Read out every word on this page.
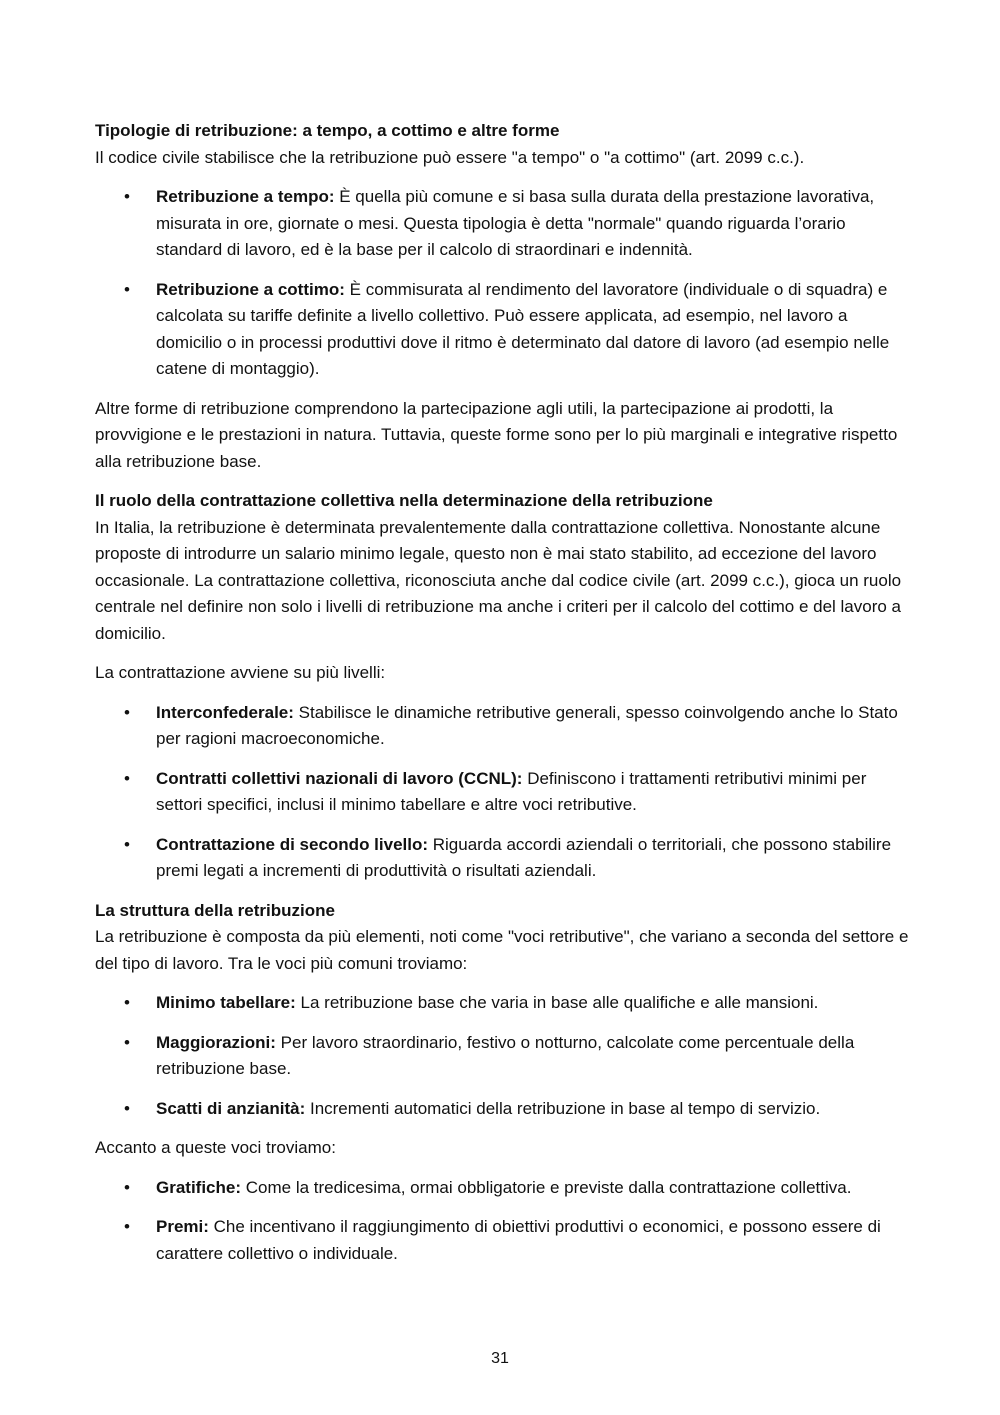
Tipologie di retribuzione: a tempo, a cottimo e altre forme

Il codice civile stabilisce che la retribuzione può essere "a tempo" o "a cottimo" (art. 2099 c.c.).

• Retribuzione a tempo: È quella più comune e si basa sulla durata della prestazione lavorativa, misurata in ore, giornate o mesi. Questa tipologia è detta "normale" quando riguarda l’orario standard di lavoro, ed è la base per il calcolo di straordinari e indennità.
• Retribuzione a cottimo: È commisurata al rendimento del lavoratore (individuale o di squadra) e calcolata su tariffe definite a livello collettivo. Può essere applicata, ad esempio, nel lavoro a domicilio o in processi produttivi dove il ritmo è determinato dal datore di lavoro (ad esempio nelle catene di montaggio).

Altre forme di retribuzione comprendono la partecipazione agli utili, la partecipazione ai prodotti, la provvigione e le prestazioni in natura. Tuttavia, queste forme sono per lo più marginali e integrative rispetto alla retribuzione base.

Il ruolo della contrattazione collettiva nella determinazione della retribuzione

In Italia, la retribuzione è determinata prevalentemente dalla contrattazione collettiva. Nonostante alcune proposte di introdurre un salario minimo legale, questo non è mai stato stabilito, ad eccezione del lavoro occasionale. La contrattazione collettiva, riconosciuta anche dal codice civile (art. 2099 c.c.), gioca un ruolo centrale nel definire non solo i livelli di retribuzione ma anche i criteri per il calcolo del cottimo e del lavoro a domicilio.

La contrattazione avviene su più livelli:

• Interconfederale: Stabilisce le dinamiche retributive generali, spesso coinvolgendo anche lo Stato per ragioni macroeconomiche.
• Contratti collettivi nazionali di lavoro (CCNL): Definiscono i trattamenti retributivi minimi per settori specifici, inclusi il minimo tabellare e altre voci retributive.
• Contrattazione di secondo livello: Riguarda accordi aziendali o territoriali, che possono stabilire premi legati a incrementi di produttività o risultati aziendali.
La struttura della retribuzione

La retribuzione è composta da più elementi, noti come "voci retributive", che variano a seconda del settore e del tipo di lavoro. Tra le voci più comuni troviamo:

• Minimo tabellare: La retribuzione base che varia in base alle qualifiche e alle mansioni.
• Maggiorazioni: Per lavoro straordinario, festivo o notturno, calcolate come percentuale della retribuzione base.
• Scatti di anzianità: Incrementi automatici della retribuzione in base al tempo di servizio.

Accanto a queste voci troviamo:

• Gratifiche: Come la tredicesima, ormai obbligatorie e previste dalla contrattazione collettiva.
• Premi: Che incentivano il raggiungimento di obiettivi produttivi o economici, e possono essere di carattere collettivo o individuale.
31
